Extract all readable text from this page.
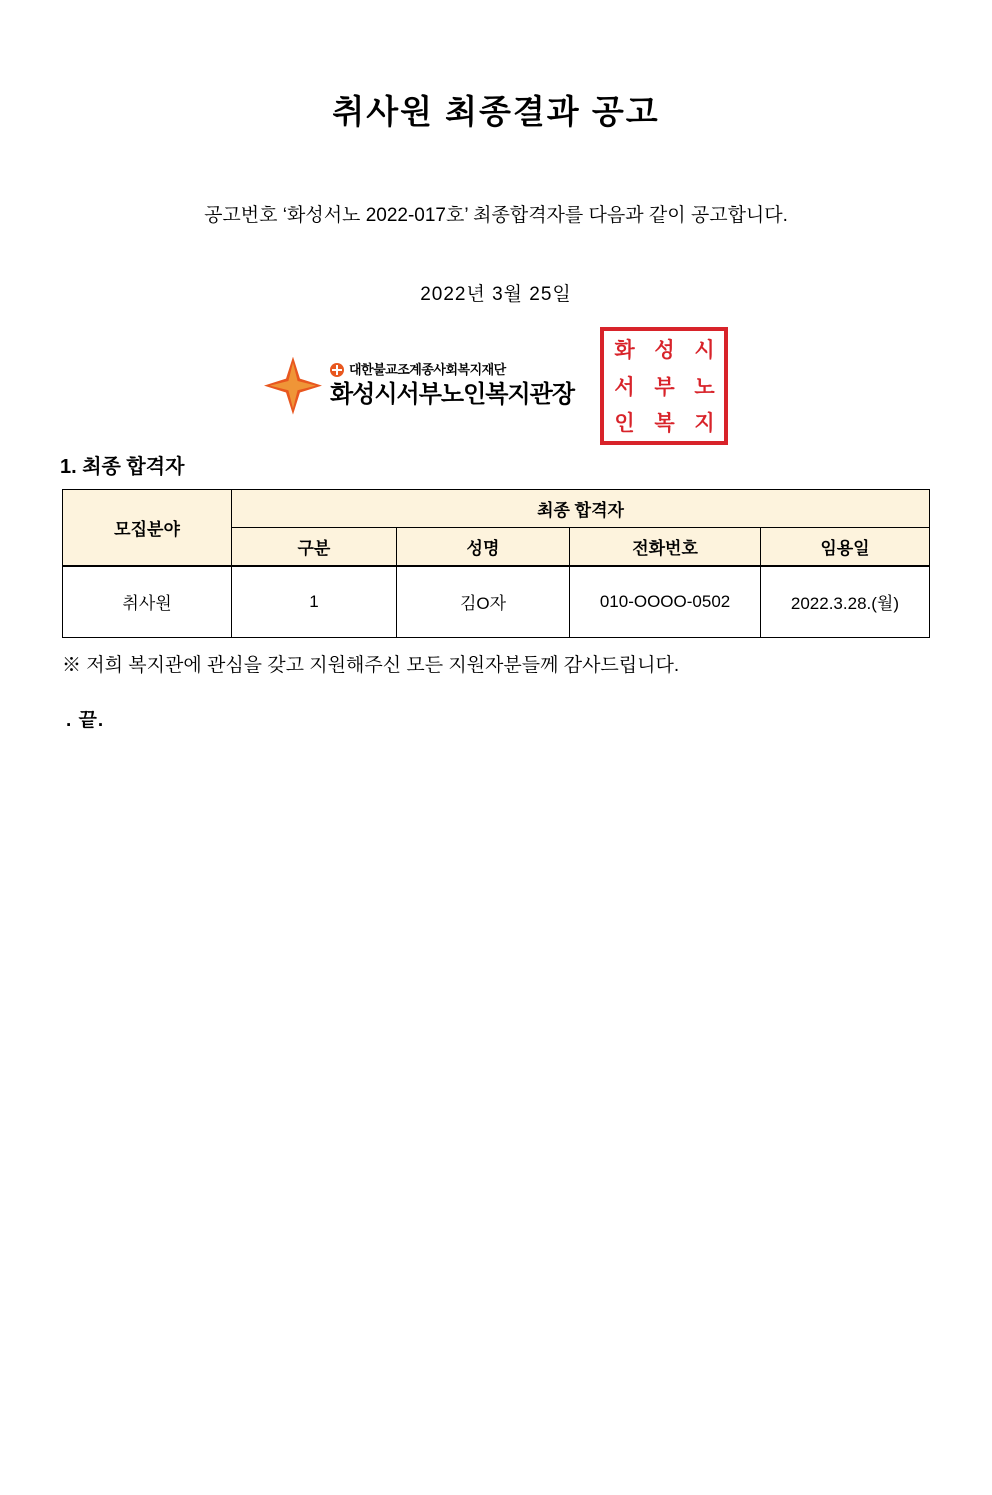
취사원 최종결과 공고
공고번호 ‘화성서노 2022-017호’ 최종합격자를 다음과 같이 공고합니다.
2022년 3월 25일
대한불교조계종사회복지재단
화성시서부노인복지관장
화 성 시
서 부 노
인 복 지
1. 최종 합격자
모집분야	최종 합격자			
	구분	성명	전화번호	임용일
취사원	1	김O자	010-OOOO-0502	2022.3.28.(월)
※ 저희 복지관에 관심을 갖고 지원해주신 모든 지원자분들께 감사드립니다.
. 끝.
